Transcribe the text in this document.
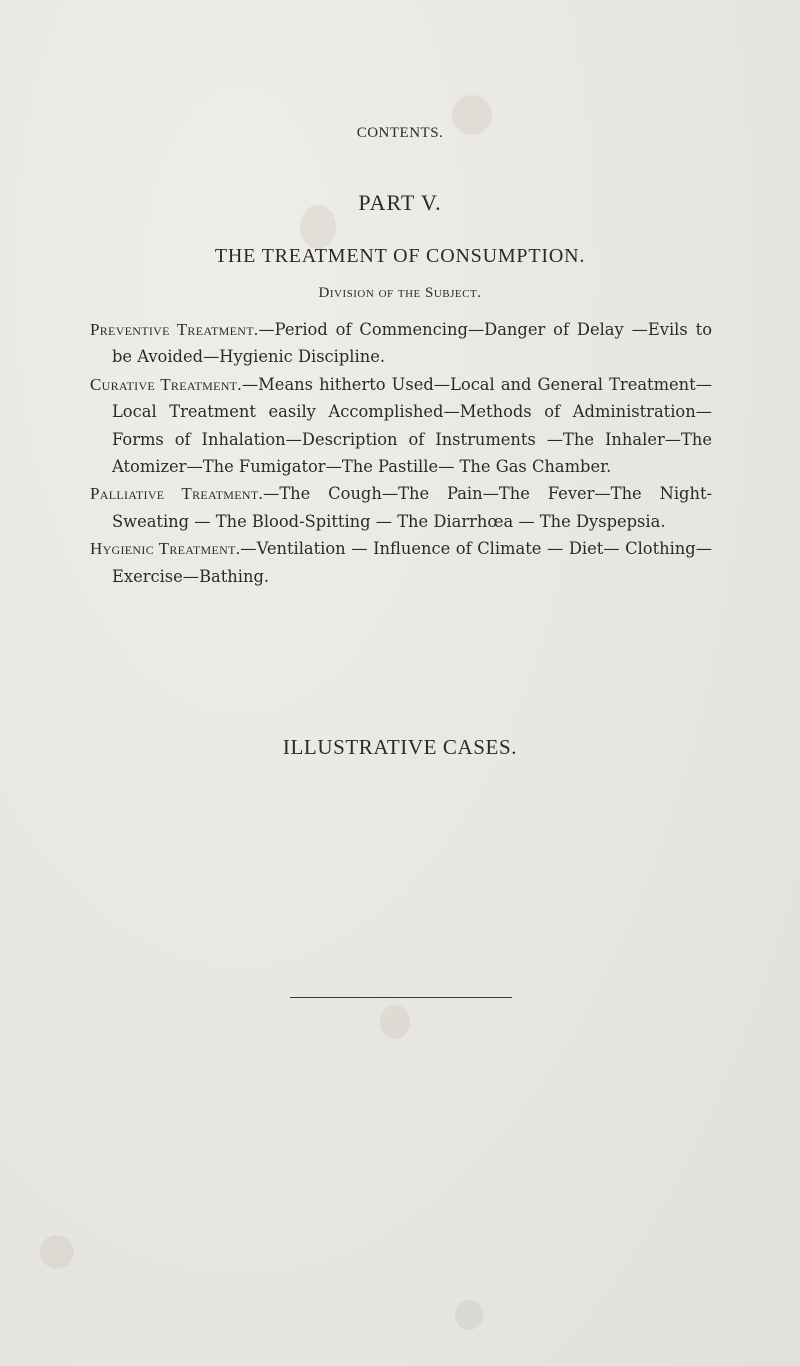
CONTENTS.
PART V.
THE TREATMENT OF CONSUMPTION.
Division of the Subject.

Preventive Treatment.—Period of Commencing—Danger of Delay —Evils to be Avoided—Hygienic Discipline.

Curative Treatment.—Means hitherto Used—Local and General Treatment—Local Treatment easily Accomplished—Methods of Administration—Forms of Inhalation—Description of Instruments —The Inhaler—The Atomizer—The Fumigator—The Pastille— The Gas Chamber.

Palliative Treatment.—The Cough—The Pain—The Fever—The Night-Sweating — The Blood-Spitting — The Diarrhœa — The Dyspepsia.

Hygienic Treatment.—Ventilation — Influence of Climate — Diet— Clothing—Exercise—Bathing.

ILLUSTRATIVE CASES.
